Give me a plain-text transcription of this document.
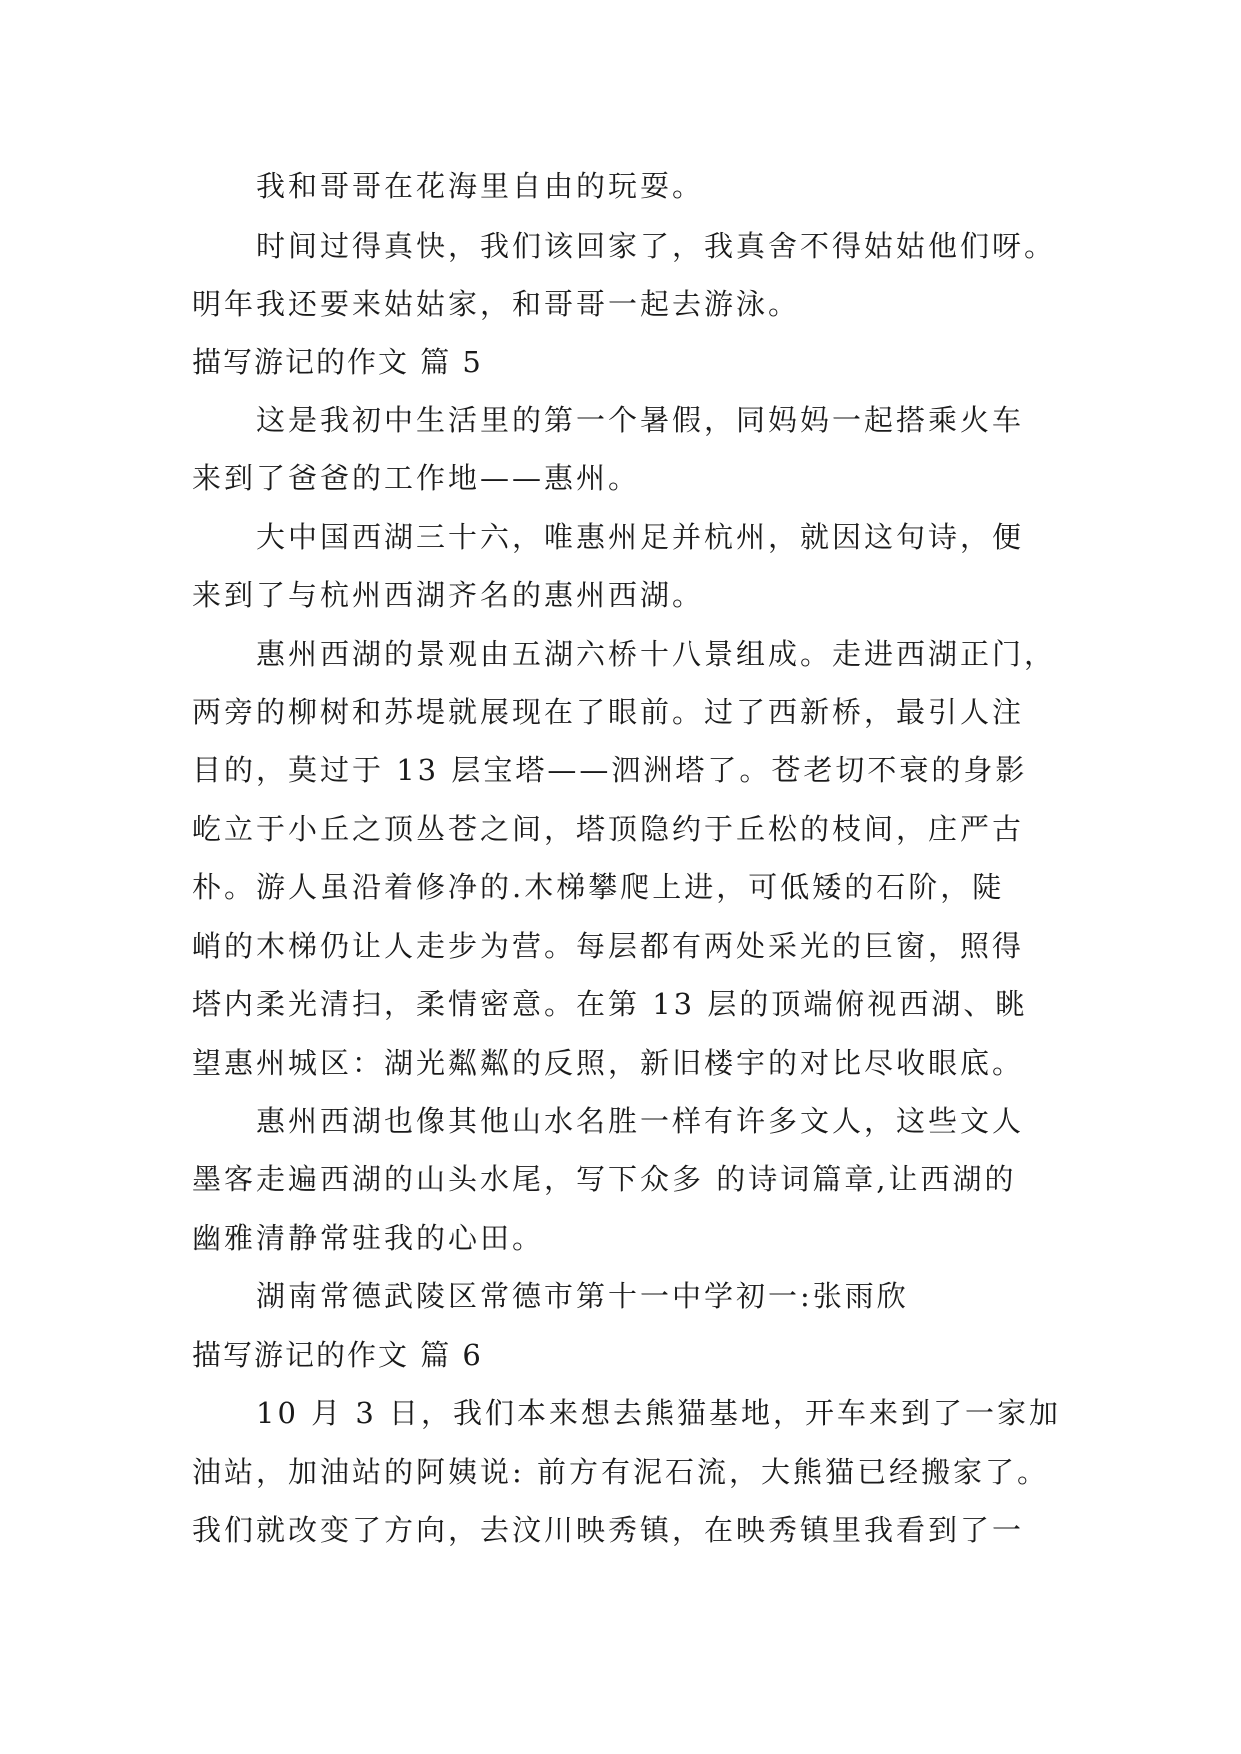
我和哥哥在花海里自由的玩耍。
时间过得真快，我们该回家了，我真舍不得姑姑他们呀。
明年我还要来姑姑家，和哥哥一起去游泳。
描写游记的作文 篇 5
这是我初中生活里的第一个暑假，同妈妈一起搭乘火车
来到了爸爸的工作地——惠州。
大中国西湖三十六，唯惠州足并杭州，就因这句诗，便
来到了与杭州西湖齐名的惠州西湖。
惠州西湖的景观由五湖六桥十八景组成。走进西湖正门，
两旁的柳树和苏堤就展现在了眼前。过了西新桥，最引人注
目的，莫过于 13 层宝塔——泗洲塔了。苍老切不衰的身影
屹立于小丘之顶丛苍之间，塔顶隐约于丘松的枝间，庄严古
朴。游人虽沿着修净的.木梯攀爬上进，可低矮的石阶，陡
峭的木梯仍让人走步为营。每层都有两处采光的巨窗，照得
塔内柔光清扫，柔情密意。在第 13 层的顶端俯视西湖、眺
望惠州城区：湖光粼粼的反照，新旧楼宇的对比尽收眼底。
惠州西湖也像其他山水名胜一样有许多文人，这些文人
墨客走遍西湖的山头水尾，写下众多 的诗词篇章,让西湖的
幽雅清静常驻我的心田。
湖南常德武陵区常德市第十一中学初一:张雨欣
描写游记的作文 篇 6
10 月 3 日，我们本来想去熊猫基地，开车来到了一家加
油站，加油站的阿姨说: 前方有泥石流，大熊猫已经搬家了。
我们就改变了方向，去汶川映秀镇，在映秀镇里我看到了一
